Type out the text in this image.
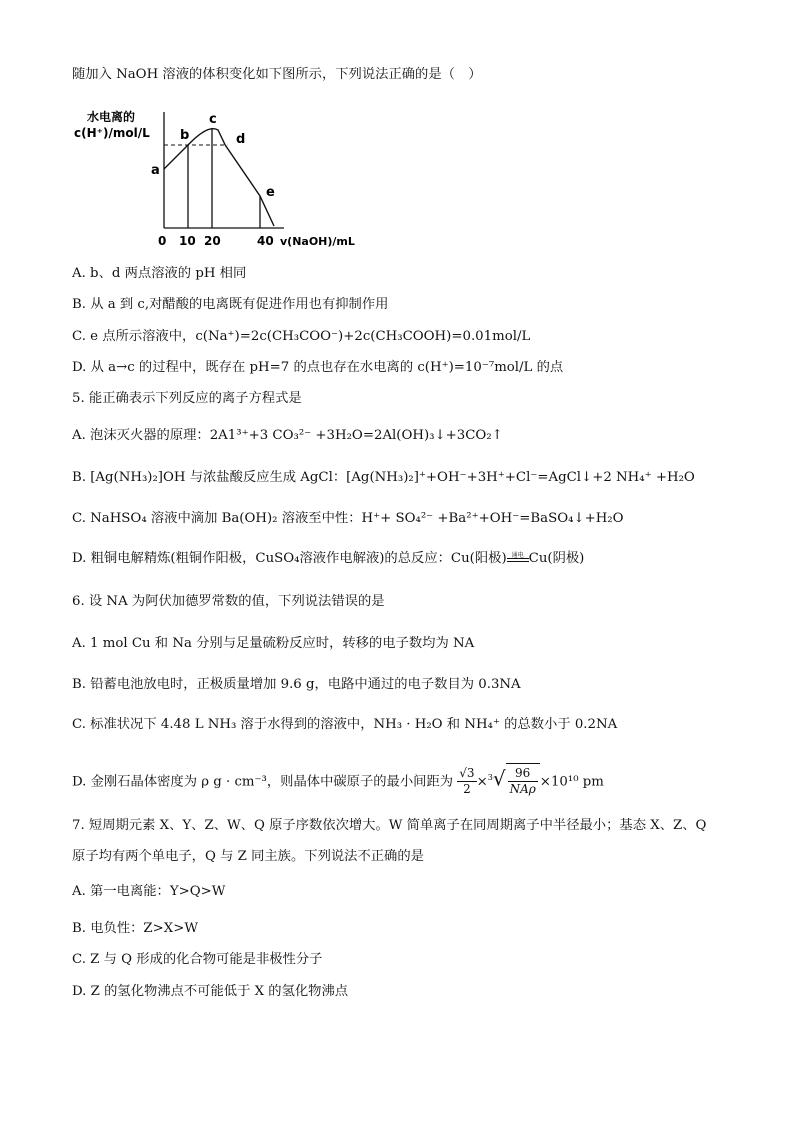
随加入 NaOH 溶液的体积变化如下图所示，下列说法正确的是（　）
水电离的
c(H⁺)/mol/L
v(NaOH)/mL
a
b
c
d
e
0 10 20	40
A. b、d 两点溶液的 pH 相同
B. 从 a 到 c,对醋酸的电离既有促进作用也有抑制作用
C. e 点所示溶液中，c(Na⁺)=2c(CH₃COO⁻)+2c(CH₃COOH)=0.01mol/L
D. 从 a→c 的过程中，既存在 pH=7 的点也存在水电离的 c(H⁺)=10⁻⁷mol/L 的点
5. 能正确表示下列反应的离子方程式是
A. 泡沫灭火器的原理：2A1³⁺+3 CO₃²⁻ +3H₂O=2Al(OH)₃↓+3CO₂↑
B. [Ag(NH₃)₂]OH 与浓盐酸反应生成 AgCl：[Ag(NH₃)₂]⁺+OH⁻+3H⁺+Cl⁻=AgCl↓+2 NH₄⁺ +H₂O
C. NaHSO₄ 溶液中滴加 Ba(OH)₂ 溶液至中性：H⁺+ SO₄²⁻ +Ba²⁺+OH⁻=BaSO₄↓+H₂O
D. 粗铜电解精炼(粗铜作阳极，CuSO₄溶液作电解液)的总反应：Cu(阳极) 通电 Cu(阴极)
6. 设 NA 为阿伏加德罗常数的值，下列说法错误的是
A. 1 mol Cu 和 Na 分别与足量硫粉反应时，转移的电子数均为 NA
B. 铅蓄电池放电时，正极质量增加 9.6 g，电路中通过的电子数目为 0.3NA
C. 标准状况下 4.48 L NH₃ 溶于水得到的溶液中，NH₃ · H₂O 和 NH₄⁺ 的总数小于 0.2NA
D. 金刚石晶体密度为 ρ g · cm⁻³，则晶体中碳原子的最小间距为 $\frac{√3}{2} \times^3√ \frac{96}{\text{NAρ}} \times 10^{10}$ pm
7. 短周期元素 X、Y、Z、W、Q 原子序数依次增大。W 简单离子在同周期离子中半径最小；基态 X、Z、Q
原子均有两个单电子，Q 与 Z 同主族。下列说法不正确的是
A. 第一电离能：Y>Q>W
B. 电负性：Z>X>W
C. Z 与 Q 形成的化合物可能是非极性分子
D. Z 的氢化物沸点不可能低于 X 的氢化物沸点
